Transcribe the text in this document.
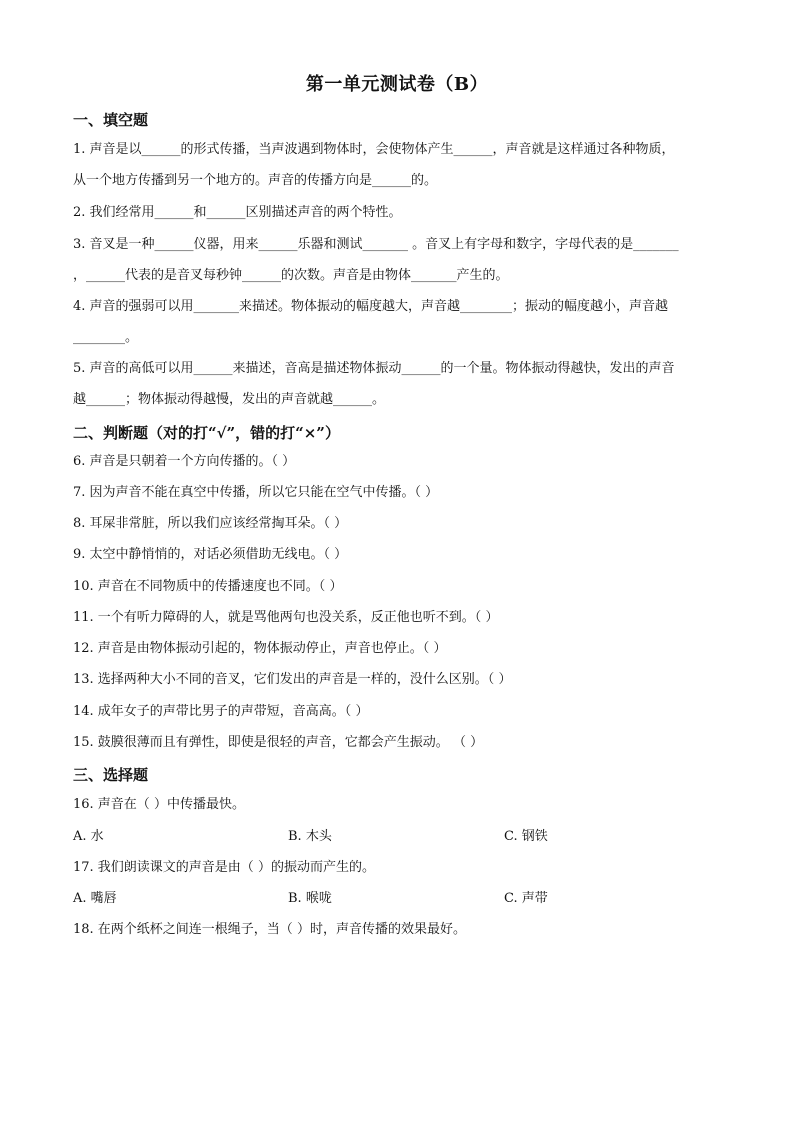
第一单元测试卷（B）
一、填空题
1. 声音是以______的形式传播，当声波遇到物体时，会使物体产生______，声音就是这样通过各种物质，
从一个地方传播到另一个地方的。声音的传播方向是______的。
2. 我们经常用______和______区别描述声音的两个特性。
3. 音叉是一种______仪器，用来______乐器和测试_______ 。音叉上有字母和数字，字母代表的是_______
，______代表的是音叉每秒钟______的次数。声音是由物体_______产生的。
4. 声音的强弱可以用_______来描述。物体振动的幅度越大，声音越________；振动的幅度越小，声音越
________。
5. 声音的高低可以用______来描述，音高是描述物体振动______的一个量。物体振动得越快，发出的声音
越______；物体振动得越慢，发出的声音就越______。
二、判断题（对的打“√”，错的打“×”）
6. 声音是只朝着一个方向传播的。（ ）
7. 因为声音不能在真空中传播，所以它只能在空气中传播。（ ）
8. 耳屎非常脏，所以我们应该经常掏耳朵。（ ）
9. 太空中静悄悄的，对话必须借助无线电。（ ）
10. 声音在不同物质中的传播速度也不同。（ ）
11. 一个有听力障碍的人，就是骂他两句也没关系，反正他也听不到。（ ）
12. 声音是由物体振动引起的，物体振动停止，声音也停止。（ ）
13. 选择两种大小不同的音叉，它们发出的声音是一样的，没什么区别。（ ）
14. 成年女子的声带比男子的声带短，音高高。（ ）
15. 鼓膜很薄而且有弹性，即使是很轻的声音，它都会产生振动。 （ ）
三、选择题
16. 声音在（ ）中传播最快。
A. 水	B. 木头	C. 钢铁
17. 我们朗读课文的声音是由（ ）的振动而产生的。
A. 嘴唇	B. 喉咙	C. 声带
18. 在两个纸杯之间连一根绳子，当（ ）时，声音传播的效果最好。
